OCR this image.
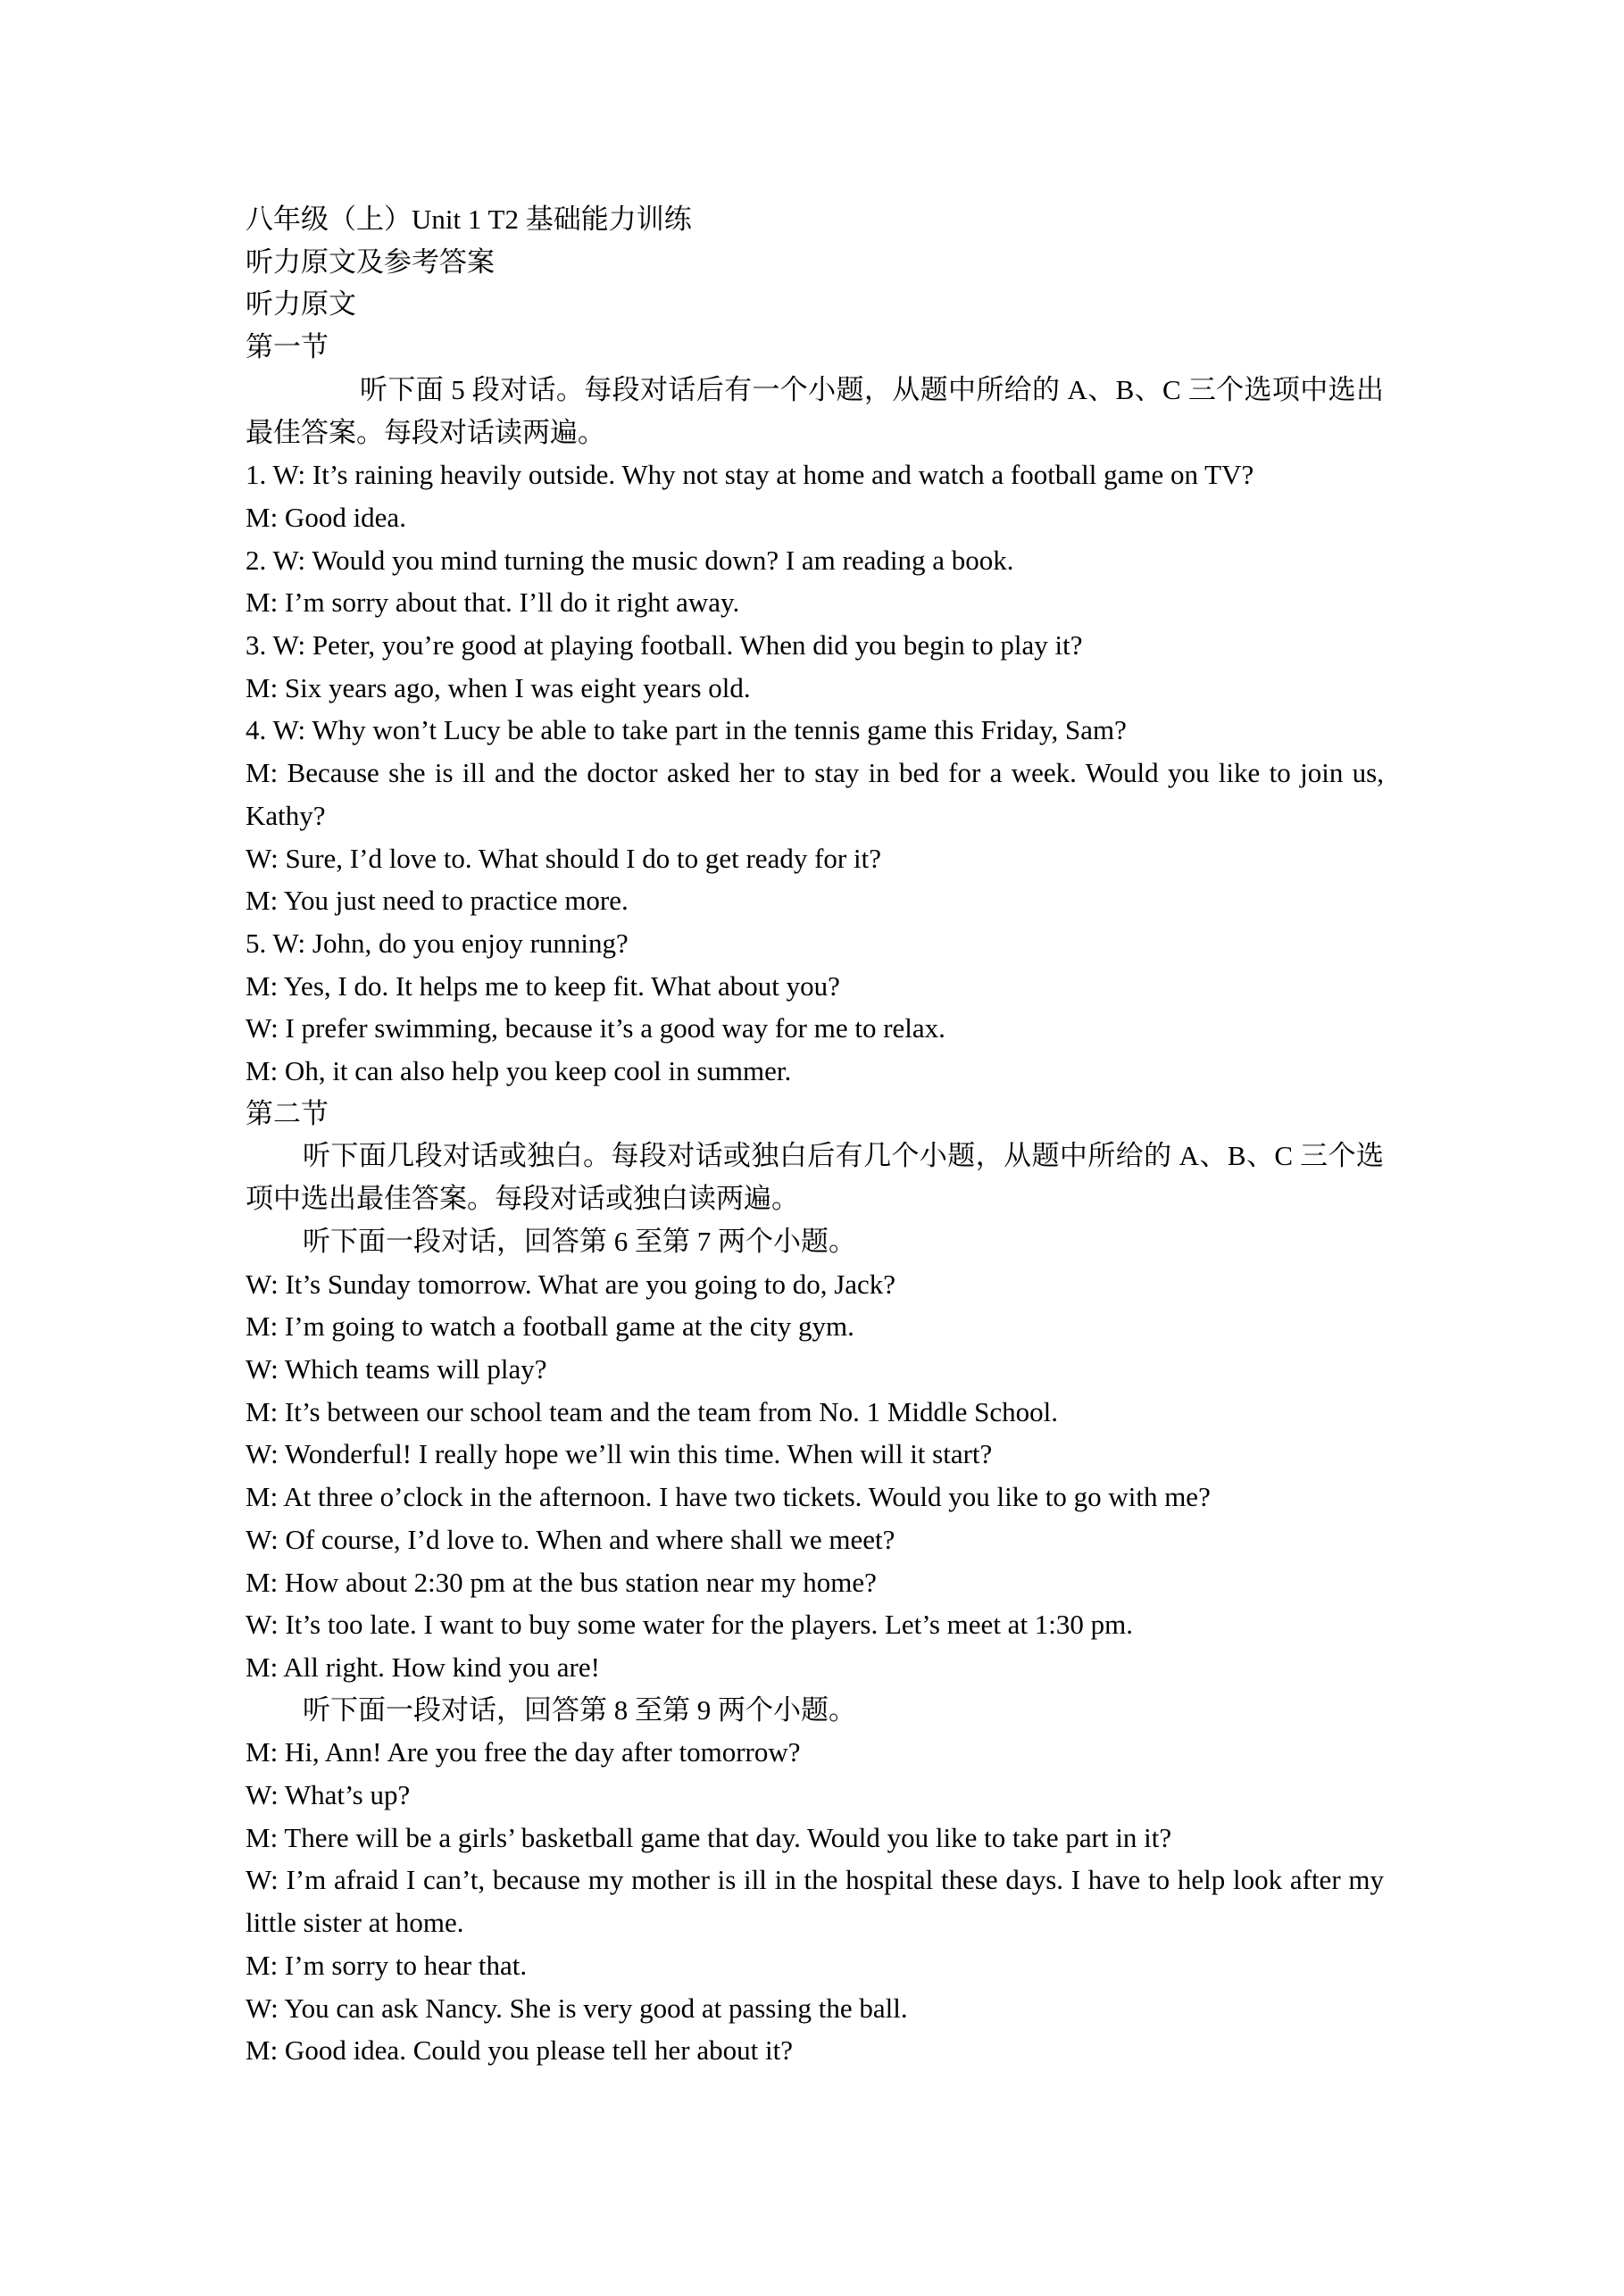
八年级（上）Unit 1 T2 基础能力训练

听力原文及参考答案

听力原文

第一节

听下面 5 段对话。每段对话后有一个小题，从题中所给的 A、B、C 三个选项中选出最佳答案。每段对话读两遍。

1. W: It’s raining heavily outside. Why not stay at home and watch a football game on TV?

M: Good idea.

2. W: Would you mind turning the music down? I am reading a book.

M: I’m sorry about that. I’ll do it right away.

3. W: Peter, you’re good at playing football. When did you begin to play it?

M: Six years ago, when I was eight years old.

4. W: Why won’t Lucy be able to take part in the tennis game this Friday, Sam?

M: Because she is ill and the doctor asked her to stay in bed for a week. Would you like to join us, Kathy?

W: Sure, I’d love to. What should I do to get ready for it?

M: You just need to practice more.

5. W: John, do you enjoy running?

M: Yes, I do. It helps me to keep fit. What about you?

W: I prefer swimming, because it’s a good way for me to relax.

M: Oh, it can also help you keep cool in summer.

第二节

听下面几段对话或独白。每段对话或独白后有几个小题，从题中所给的 A、B、C 三个选项中选出最佳答案。每段对话或独白读两遍。

听下面一段对话，回答第 6 至第 7 两个小题。

W: It’s Sunday tomorrow. What are you going to do, Jack?

M: I’m going to watch a football game at the city gym.

W: Which teams will play?

M: It’s between our school team and the team from No. 1 Middle School.

W: Wonderful! I really hope we’ll win this time. When will it start?

M: At three o’clock in the afternoon. I have two tickets. Would you like to go with me?

W: Of course, I’d love to. When and where shall we meet?

M: How about 2:30 pm at the bus station near my home?

W: It’s too late. I want to buy some water for the players. Let’s meet at 1:30 pm.

M: All right. How kind you are!

听下面一段对话，回答第 8 至第 9 两个小题。

M: Hi, Ann! Are you free the day after tomorrow?

W: What’s up?

M: There will be a girls’ basketball game that day. Would you like to take part in it?

W: I’m afraid I can’t, because my mother is ill in the hospital these days. I have to help look after my little sister at home.

M: I’m sorry to hear that.

W: You can ask Nancy. She is very good at passing the ball.

M: Good idea. Could you please tell her about it?
